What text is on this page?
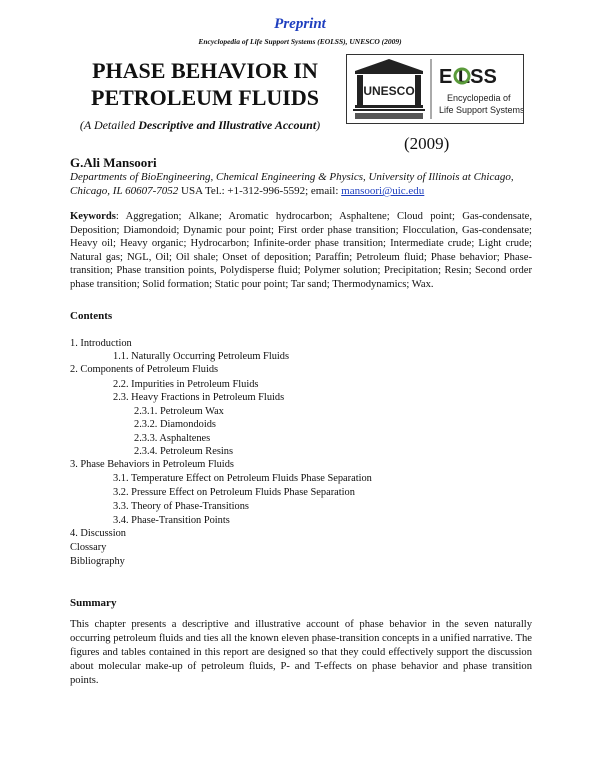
Preprint
Encyclopedia of Life Support Systems (EOLSS), UNESCO (2009)
PHASE BEHAVIOR IN
PETROLEUM FLUIDS
(A Detailed Descriptive and Illustrative Account)
UNESCO
E LSS
Encyclopedia of
Life Support Systems
(2009)
G.Ali Mansoori
Departments of BioEngineering, Chemical Engineering & Physics, University of Illinois at Chicago, Chicago, IL 60607-7052 USA Tel.: +1-312-996-5592; email: mansoori@uic.edu
Keywords: Aggregation; Alkane; Aromatic hydrocarbon; Asphaltene; Cloud point; Gas-condensate, Deposition; Diamondoid; Dynamic pour point; First order phase transition; Flocculation, Gas-condensate; Heavy oil; Heavy organic; Hydrocarbon; Infinite-order phase transition; Intermediate crude; Light crude; Natural gas; NGL, Oil; Oil shale; Onset of deposition; Paraffin; Petroleum fluid; Phase behavior; Phase-transition; Phase transition points, Polydisperse fluid; Polymer solution; Precipitation; Resin; Second order phase transition; Solid formation; Static pour point; Tar sand; Thermodynamics; Wax.
Contents
1. Introduction
1.1. Naturally Occurring Petroleum Fluids
2. Components of Petroleum Fluids
2.2. Impurities in Petroleum Fluids
2.3. Heavy Fractions in Petroleum Fluids
2.3.1. Petroleum Wax
2.3.2. Diamondoids
2.3.3. Asphaltenes
2.3.4. Petroleum Resins
3. Phase Behaviors in Petroleum Fluids
3.1. Temperature Effect on Petroleum Fluids Phase Separation
3.2. Pressure Effect on Petroleum Fluids Phase Separation
3.3. Theory of Phase-Transitions
3.4. Phase-Transition Points
4. Discussion
Clossary
Bibliography
Summary
This chapter presents a descriptive and illustrative account of phase behavior in the seven naturally occurring petroleum fluids and ties all the known eleven phase-transition concepts in a unified narrative. The figures and tables contained in this report are designed so that they could effectively support the discussion about molecular make-up of petroleum fluids, P- and T-effects on phase behavior and phase transition points.
